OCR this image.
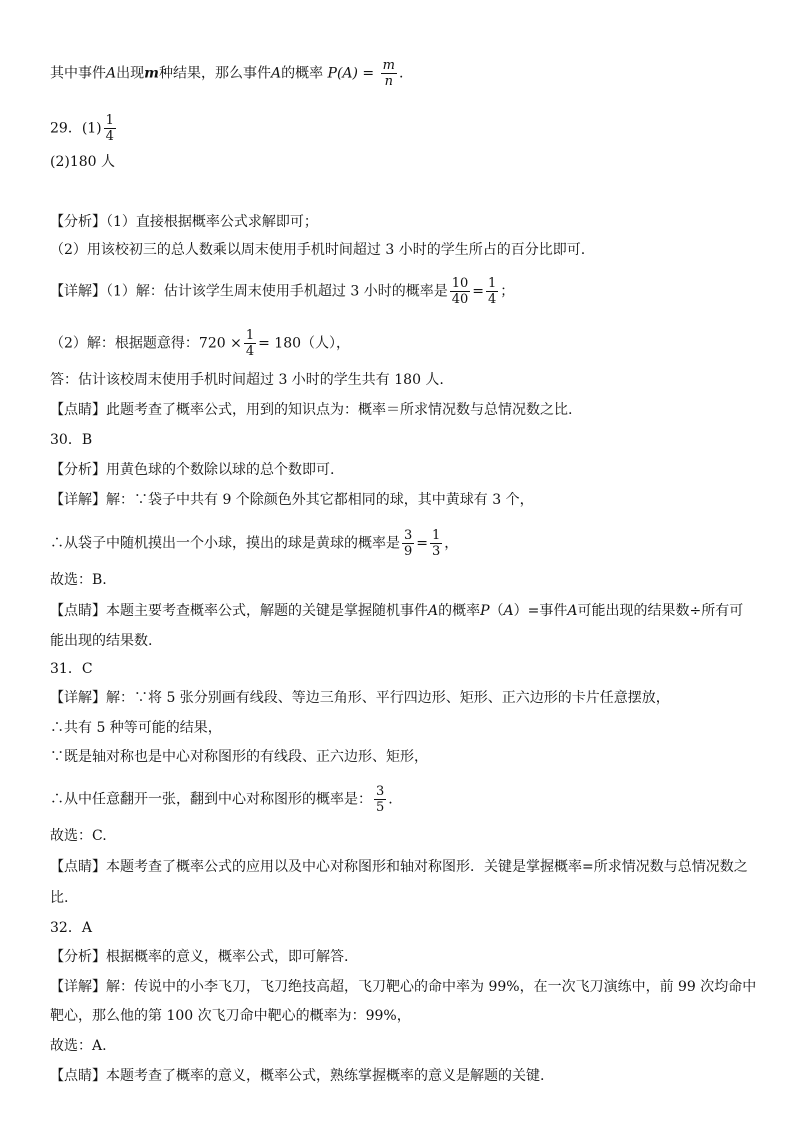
其中事件A出现m种结果，那么事件A的概率 $P(A) = \frac{m}{n}$ .
29．$(1) \frac{1}{4}$
(2)180 人
【分析】（1）直接根据概率公式求解即可；
（2）用该校初三的总人数乘以周末使用手机时间超过 3 小时的学生所占的百分比即可.
【详解】（1）解：估计该学生周末使用手机超过 3 小时的概率是 $\frac{10}{40} = \frac{1}{4}$ ；
（2）解：根据题意得：$720 \times \frac{1}{4} = 180$（人），
答：估计该校周末使用手机时间超过 3 小时的学生共有 180 人.
【点睛】此题考查了概率公式，用到的知识点为：概率＝所求情况数与总情况数之比.
30．B
【分析】用黄色球的个数除以球的总个数即可.
【详解】解：∵袋子中共有 9 个除颜色外其它都相同的球，其中黄球有 3 个，
∴从袋子中随机摸出一个小球，摸出的球是黄球的概率是 $\frac{3}{9} = \frac{1}{3}$ ，
故选：B.
【点睛】本题主要考查概率公式，解题的关键是掌握随机事件A的概率P（A）=事件A可能出现的结果数÷所有可
能出现的结果数.
31．C
【详解】解：∵将 5 张分别画有线段、等边三角形、平行四边形、矩形、正六边形的卡片任意摆放，
∴共有 5 种等可能的结果，
∵既是轴对称也是中心对称图形的有线段、正六边形、矩形，
∴从中任意翻开一张，翻到中心对称图形的概率是： $\frac{3}{5}$ .
故选：C.
【点睛】本题考查了概率公式的应用以及中心对称图形和轴对称图形．关键是掌握概率=所求情况数与总情况数之
比.
32．A
【分析】根据概率的意义，概率公式，即可解答.
【详解】解：传说中的小李飞刀，飞刀绝技高超，飞刀靶心的命中率为 99%，在一次飞刀演练中，前 99 次均命中
靶心，那么他的第 100 次飞刀命中靶心的概率为：99%，
故选：A.
【点睛】本题考查了概率的意义，概率公式，熟练掌握概率的意义是解题的关键.
